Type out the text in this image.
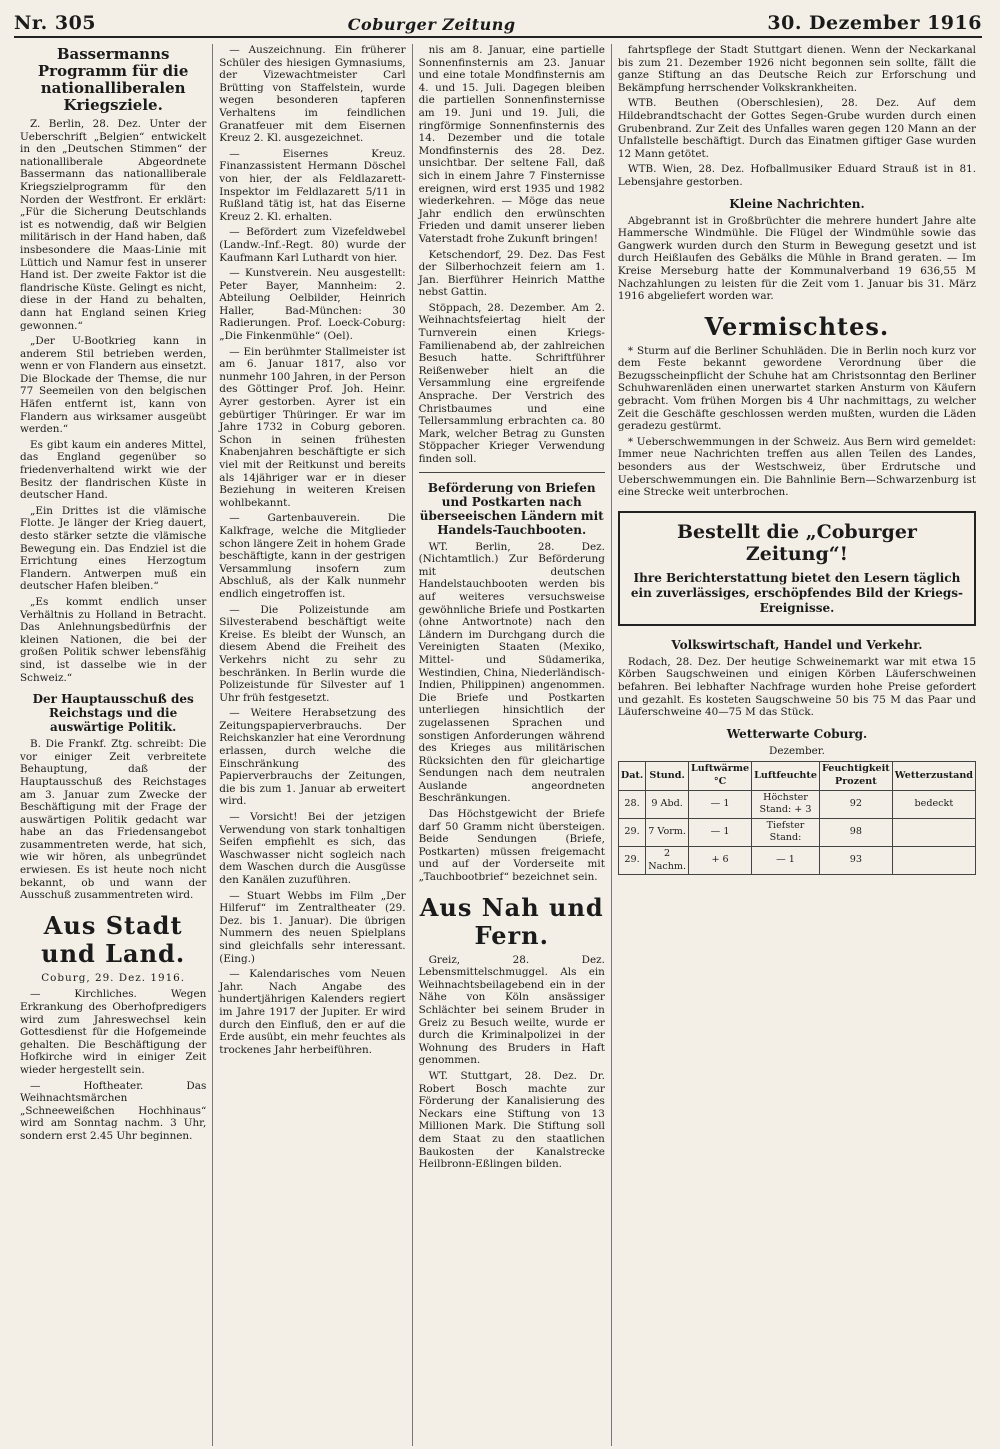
Nr. 305	Coburger Zeitung	30. Dezember 1916
Bassermanns Programm für die nationalliberalen Kriegsziele.

Z. Berlin, 28. Dez. Unter der Ueberschrift „Belgien“ entwickelt in den „Deutschen Stimmen“ der nationalliberale Abgeordnete Bassermann das nationalliberale Kriegszielprogramm für den Norden der Westfront. Er erklärt: „Für die Sicherung Deutschlands ist es notwendig, daß wir Belgien militärisch in der Hand haben, daß insbesondere die Maas-Linie mit Lüttich und Namur fest in unserer Hand ist. Der zweite Faktor ist die flandrische Küste. Gelingt es nicht, diese in der Hand zu behalten, dann hat England seinen Krieg gewonnen.“

„Der U-Bootkrieg kann in anderem Stil betrieben werden, wenn er von Flandern aus einsetzt. Die Blockade der Themse, die nur 77 Seemeilen von den belgischen Häfen entfernt ist, kann von Flandern aus wirksamer ausgeübt werden.“

Es gibt kaum ein anderes Mittel, das England gegenüber so friedenverhaltend wirkt wie der Besitz der flandrischen Küste in deutscher Hand.

„Ein Drittes ist die vlämische Flotte. Je länger der Krieg dauert, desto stärker setzte die vlämische Bewegung ein. Das Endziel ist die Errichtung eines Herzogtum Flandern. Antwerpen muß ein deutscher Hafen bleiben.“

„Es kommt endlich unser Verhältnis zu Holland in Betracht. Das Anlehnungsbedürfnis der kleinen Nationen, die bei der großen Politik schwer lebensfähig sind, ist dasselbe wie in der Schweiz.“

Der Hauptausschuß des Reichstags und die auswärtige Politik.

B. Die Frankf. Ztg. schreibt: Die vor einiger Zeit verbreitete Behauptung, daß der Hauptausschuß des Reichstages am 3. Januar zum Zwecke der Beschäftigung mit der Frage der auswärtigen Politik gedacht war habe an das Friedensangebot zusammentreten werde, hat sich, wie wir hören, als unbegründet erwiesen. Es ist heute noch nicht bekannt, ob und wann der Ausschuß zusammentreten wird.

Aus Stadt und Land.
Coburg, 29. Dez. 1916.

— Kirchliches. Wegen Erkrankung des Oberhofpredigers wird zum Jahreswechsel kein Gottesdienst für die Hofgemeinde gehalten. Die Beschäftigung der Hofkirche wird in einiger Zeit wieder hergestellt sein.

— Hoftheater. Das Weihnachtsmärchen „Schneeweißchen Hochhinaus“ wird am Sonntag nachm. 3 Uhr, sondern erst 2.45 Uhr beginnen.

— Auszeichnung. Ein früherer Schüler des hiesigen Gymnasiums, der Vizewachtmeister Carl Brütting von Staffelstein, wurde wegen besonderen tapferen Verhaltens im feindlichen Granatfeuer mit dem Eisernen Kreuz 2. Kl. ausgezeichnet.

— Eisernes Kreuz. Finanzassistent Hermann Döschel von hier, der als Feldlazarett-Inspektor im Feldlazarett 5/11 in Rußland tätig ist, hat das Eiserne Kreuz 2. Kl. erhalten.

— Befördert zum Vizefeldwebel (Landw.-Inf.-Regt. 80) wurde der Kaufmann Karl Luthardt von hier.

— Kunstverein. Neu ausgestellt: Peter Bayer, Mannheim: 2. Abteilung Oelbilder, Heinrich Haller, Bad-München: 30 Radierungen. Prof. Loeck-Coburg: „Die Finkenmühle“ (Oel).

— Ein berühmter Stallmeister ist am 6. Januar 1817, also vor nunmehr 100 Jahren, in der Person des Göttinger Prof. Joh. Heinr. Ayrer gestorben. Ayrer ist ein gebürtiger Thüringer. Er war im Jahre 1732 in Coburg geboren. Schon in seinen frühesten Knabenjahren beschäftigte er sich viel mit der Reitkunst und bereits als 14jähriger war er in dieser Beziehung in weiteren Kreisen wohlbekannt.

— Gartenbauverein. Die Kalkfrage, welche die Mitglieder schon längere Zeit in hohem Grade beschäftigte, kann in der gestrigen Versammlung insofern zum Abschluß, als der Kalk nunmehr endlich eingetroffen ist.

— Die Polizeistunde am Silvesterabend beschäftigt weite Kreise. Es bleibt der Wunsch, an diesem Abend die Freiheit des Verkehrs nicht zu sehr zu beschränken. In Berlin wurde die Polizeistunde für Silvester auf 1 Uhr früh festgesetzt.

— Weitere Herabsetzung des Zeitungspapierverbrauchs. Der Reichskanzler hat eine Verordnung erlassen, durch welche die Einschränkung des Papierverbrauchs der Zeitungen, die bis zum 1. Januar ab erweitert wird.

— Vorsicht! Bei der jetzigen Verwendung von stark tonhaltigen Seifen empfiehlt es sich, das Waschwasser nicht sogleich nach dem Waschen durch die Ausgüsse den Kanälen zuzuführen.

— Stuart Webbs im Film „Der Hilferuf“ im Zentraltheater (29. Dez. bis 1. Januar). Die übrigen Nummern des neuen Spielplans sind gleichfalls sehr interessant. (Eing.)

— Kalendarisches vom Neuen Jahr. Nach Angabe des hundertjährigen Kalenders regiert im Jahre 1917 der Jupiter. Er wird durch den Einfluß, den er auf die Erde ausübt, ein mehr feuchtes als trockenes Jahr herbeiführen.

nis am 8. Januar, eine partielle Sonnenfinsternis am 23. Januar und eine totale Mondfinsternis am 4. und 15. Juli. Dagegen bleiben die partiellen Sonnenfinsternisse am 19. Juni und 19. Juli, die ringförmige Sonnenfinsternis des 14. Dezember und die totale Mondfinsternis des 28. Dez. unsichtbar. Der seltene Fall, daß sich in einem Jahre 7 Finsternisse ereignen, wird erst 1935 und 1982 wiederkehren. — Möge das neue Jahr endlich den erwünschten Frieden und damit unserer lieben Vaterstadt frohe Zukunft bringen!

Ketschendorf, 29. Dez. Das Fest der Silberhochzeit feiern am 1. Jan. Bierführer Heinrich Matthe nebst Gattin.

Stöppach, 28. Dezember. Am 2. Weihnachtsfeiertag hielt der Turnverein einen Kriegs-Familienabend ab, der zahlreichen Besuch hatte. Schriftführer Reißenweber hielt an die Versammlung eine ergreifende Ansprache. Der Verstrich des Christbaumes und eine Tellersammlung erbrachten ca. 80 Mark, welcher Betrag zu Gunsten Stöppacher Krieger Verwendung finden soll.

Beförderung von Briefen und Postkarten nach überseeischen Ländern mit Handels-Tauchbooten.

WT. Berlin, 28. Dez. (Nichtamtlich.) Zur Beförderung mit deutschen Handelstauchbooten werden bis auf weiteres versuchsweise gewöhnliche Briefe und Postkarten (ohne Antwortnote) nach den Ländern im Durchgang durch die Vereinigten Staaten (Mexiko, Mittel- und Südamerika, Westindien, China, Niederländisch-Indien, Philippinen) angenommen. Die Briefe und Postkarten unterliegen hinsichtlich der zugelassenen Sprachen und sonstigen Anforderungen während des Krieges aus militärischen Rücksichten den für gleichartige Sendungen nach dem neutralen Auslande angeordneten Beschränkungen.

Das Höchstgewicht der Briefe darf 50 Gramm nicht übersteigen. Beide Sendungen (Briefe, Postkarten) müssen freigemacht und auf der Vorderseite mit „Tauchbootbrief“ bezeichnet sein.

Aus Nah und Fern.

Greiz, 28. Dez. Lebensmittelschmuggel. Als ein Weihnachtsbeilagebend ein in der Nähe von Köln ansässiger Schlächter bei seinem Bruder in Greiz zu Besuch weilte, wurde er durch die Kriminalpolizei in der Wohnung des Bruders in Haft genommen.

WT. Stuttgart, 28. Dez. Dr. Robert Bosch machte zur Förderung der Kanalisierung des Neckars eine Stiftung von 13 Millionen Mark. Die Stiftung soll dem Staat zu den staatlichen Baukosten der Kanalstrecke Heilbronn-Eßlingen bilden.

fahrtspflege der Stadt Stuttgart dienen. Wenn der Neckarkanal bis zum 21. Dezember 1926 nicht begonnen sein sollte, fällt die ganze Stiftung an das Deutsche Reich zur Erforschung und Bekämpfung herrschender Volkskrankheiten.

WTB. Beuthen (Oberschlesien), 28. Dez. Auf dem Hildebrandtschacht der Gottes Segen-Grube wurden durch einen Grubenbrand. Zur Zeit des Unfalles waren gegen 120 Mann an der Unfallstelle beschäftigt. Durch das Einatmen giftiger Gase wurden 12 Mann getötet.

WTB. Wien, 28. Dez. Hofballmusiker Eduard Strauß ist in 81. Lebensjahre gestorben.

Kleine Nachrichten.

Abgebrannt ist in Großbrüchter die mehrere hundert Jahre alte Hammersche Windmühle. Die Flügel der Windmühle sowie das Gangwerk wurden durch den Sturm in Bewegung gesetzt und ist durch Heißlaufen des Gebälks die Mühle in Brand geraten. — Im Kreise Merseburg hatte der Kommunalverband 19 636,55 M Nachzahlungen zu leisten für die Zeit vom 1. Januar bis 31. März 1916 abgeliefert worden war.

Vermischtes.

* Sturm auf die Berliner Schuhläden. Die in Berlin noch kurz vor dem Feste bekannt gewordene Verordnung über die Bezugsscheinpflicht der Schuhe hat am Christsonntag den Berliner Schuhwarenläden einen unerwartet starken Ansturm von Käufern gebracht. Vom frühen Morgen bis 4 Uhr nachmittags, zu welcher Zeit die Geschäfte geschlossen werden mußten, wurden die Läden geradezu gestürmt.

* Ueberschwemmungen in der Schweiz. Aus Bern wird gemeldet: Immer neue Nachrichten treffen aus allen Teilen des Landes, besonders aus der Westschweiz, über Erdrutsche und Ueberschwemmungen ein. Die Bahnlinie Bern—Schwarzenburg ist eine Strecke weit unterbrochen.

Bestellt die „Coburger Zeitung“!
Ihre Berichterstattung bietet den Lesern täglich ein zuverlässiges, erschöpfendes Bild der Kriegs-Ereignisse.
Volkswirtschaft, Handel und Verkehr.

Rodach, 28. Dez. Der heutige Schweinemarkt war mit etwa 15 Körben Saugschweinen und einigen Körben Läuferschweinen befahren. Bei lebhafter Nachfrage wurden hohe Preise gefordert und gezahlt. Es kosteten Saugschweine 50 bis 75 M das Paar und Läuferschweine 40—75 M das Stück.

Wetterwarte Coburg.
Dezember.
Dat.	Stund.	Luftwärme °C	Luftfeuchte	Feuchtigkeit Prozent	Wetterzustand
28.	9 Abd.	— 1	Höchster Stand: + 3	92	bedeckt
29.	7 Vorm.	— 1	Tiefster Stand:	98	
29.	2 Nachm.	+ 6	— 1	93	
